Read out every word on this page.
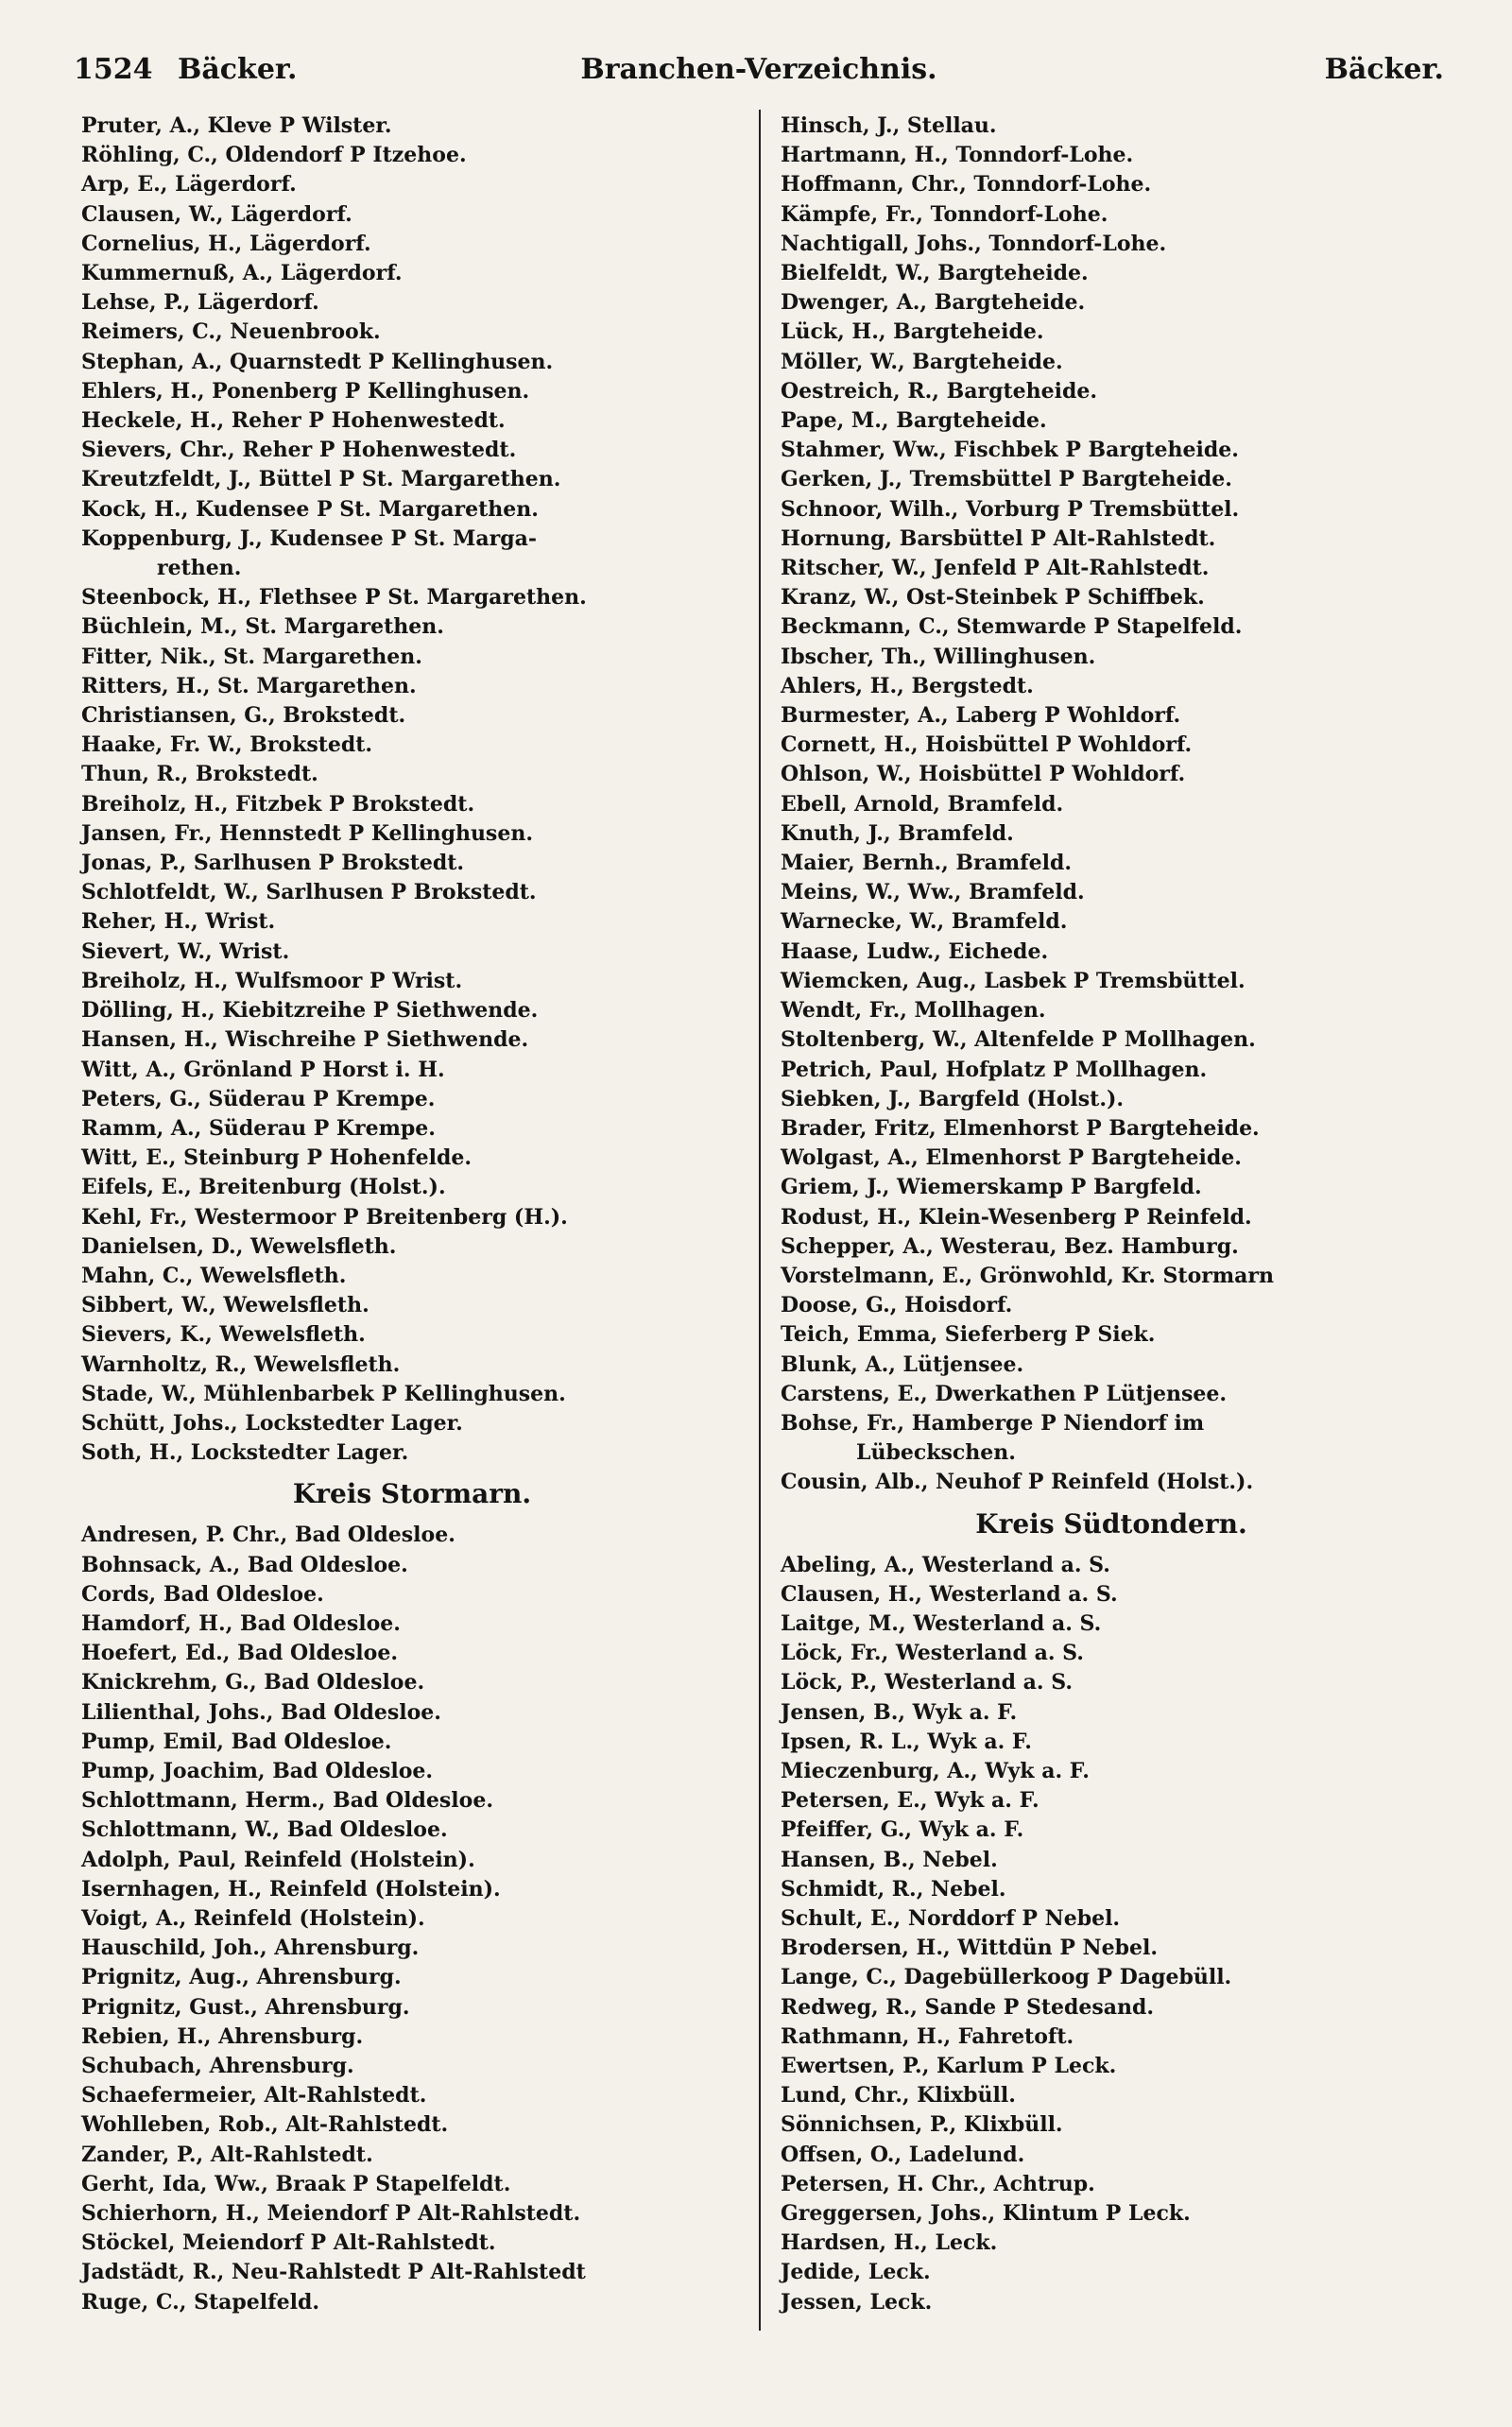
1524 Bäcker.	Branchen-Verzeichnis.	Bäcker.
Pruter, A., Kleve P Wilster.
Röhling, C., Oldendorf P Itzehoe.
Arp, E., Lägerdorf.
Clausen, W., Lägerdorf.
Cornelius, H., Lägerdorf.
Kummernuß, A., Lägerdorf.
Lehse, P., Lägerdorf.
Reimers, C., Neuenbrook.
Stephan, A., Quarnstedt P Kellinghusen.
Ehlers, H., Ponenberg P Kellinghusen.
Heckele, H., Reher P Hohenwestedt.
Sievers, Chr., Reher P Hohenwestedt.
Kreutzfeldt, J., Büttel P St. Margarethen.
Kock, H., Kudensee P St. Margarethen.
Koppenburg, J., Kudensee P St. Marga-
rethen.
Steenbock, H., Flethsee P St. Margarethen.
Büchlein, M., St. Margarethen.
Fitter, Nik., St. Margarethen.
Ritters, H., St. Margarethen.
Christiansen, G., Brokstedt.
Haake, Fr. W., Brokstedt.
Thun, R., Brokstedt.
Breiholz, H., Fitzbek P Brokstedt.
Jansen, Fr., Hennstedt P Kellinghusen.
Jonas, P., Sarlhusen P Brokstedt.
Schlotfeldt, W., Sarlhusen P Brokstedt.
Reher, H., Wrist.
Sievert, W., Wrist.
Breiholz, H., Wulfsmoor P Wrist.
Dölling, H., Kiebitzreihe P Siethwende.
Hansen, H., Wischreihe P Siethwende.
Witt, A., Grönland P Horst i. H.
Peters, G., Süderau P Krempe.
Ramm, A., Süderau P Krempe.
Witt, E., Steinburg P Hohenfelde.
Eifels, E., Breitenburg (Holst.).
Kehl, Fr., Westermoor P Breitenberg (H.).
Danielsen, D., Wewelsfleth.
Mahn, C., Wewelsfleth.
Sibbert, W., Wewelsfleth.
Sievers, K., Wewelsfleth.
Warnholtz, R., Wewelsfleth.
Stade, W., Mühlenbarbek P Kellinghusen.
Schütt, Johs., Lockstedter Lager.
Soth, H., Lockstedter Lager.
Kreis Stormarn.
Andresen, P. Chr., Bad Oldesloe.
Bohnsack, A., Bad Oldesloe.
Cords, Bad Oldesloe.
Hamdorf, H., Bad Oldesloe.
Hoefert, Ed., Bad Oldesloe.
Knickrehm, G., Bad Oldesloe.
Lilienthal, Johs., Bad Oldesloe.
Pump, Emil, Bad Oldesloe.
Pump, Joachim, Bad Oldesloe.
Schlottmann, Herm., Bad Oldesloe.
Schlottmann, W., Bad Oldesloe.
Adolph, Paul, Reinfeld (Holstein).
Isernhagen, H., Reinfeld (Holstein).
Voigt, A., Reinfeld (Holstein).
Hauschild, Joh., Ahrensburg.
Prignitz, Aug., Ahrensburg.
Prignitz, Gust., Ahrensburg.
Rebien, H., Ahrensburg.
Schubach, Ahrensburg.
Schaefermeier, Alt-Rahlstedt.
Wohlleben, Rob., Alt-Rahlstedt.
Zander, P., Alt-Rahlstedt.
Gerht, Ida, Ww., Braak P Stapelfeldt.
Schierhorn, H., Meiendorf P Alt-Rahlstedt.
Stöckel, Meiendorf P Alt-Rahlstedt.
Jadstädt, R., Neu-Rahlstedt P Alt-Rahlstedt
Ruge, C., Stapelfeld.
Hinsch, J., Stellau.
Hartmann, H., Tonndorf-Lohe.
Hoffmann, Chr., Tonndorf-Lohe.
Kämpfe, Fr., Tonndorf-Lohe.
Nachtigall, Johs., Tonndorf-Lohe.
Bielfeldt, W., Bargteheide.
Dwenger, A., Bargteheide.
Lück, H., Bargteheide.
Möller, W., Bargteheide.
Oestreich, R., Bargteheide.
Pape, M., Bargteheide.
Stahmer, Ww., Fischbek P Bargteheide.
Gerken, J., Tremsbüttel P Bargteheide.
Schnoor, Wilh., Vorburg P Tremsbüttel.
Hornung, Barsbüttel P Alt-Rahlstedt.
Ritscher, W., Jenfeld P Alt-Rahlstedt.
Kranz, W., Ost-Steinbek P Schiffbek.
Beckmann, C., Stemwarde P Stapelfeld.
Ibscher, Th., Willinghusen.
Ahlers, H., Bergstedt.
Burmester, A., Laberg P Wohldorf.
Cornett, H., Hoisbüttel P Wohldorf.
Ohlson, W., Hoisbüttel P Wohldorf.
Ebell, Arnold, Bramfeld.
Knuth, J., Bramfeld.
Maier, Bernh., Bramfeld.
Meins, W., Ww., Bramfeld.
Warnecke, W., Bramfeld.
Haase, Ludw., Eichede.
Wiemcken, Aug., Lasbek P Tremsbüttel.
Wendt, Fr., Mollhagen.
Stoltenberg, W., Altenfelde P Mollhagen.
Petrich, Paul, Hofplatz P Mollhagen.
Siebken, J., Bargfeld (Holst.).
Brader, Fritz, Elmenhorst P Bargteheide.
Wolgast, A., Elmenhorst P Bargteheide.
Griem, J., Wiemerskamp P Bargfeld.
Rodust, H., Klein-Wesenberg P Reinfeld.
Schepper, A., Westerau, Bez. Hamburg.
Vorstelmann, E., Grönwohld, Kr. Stormarn
Doose, G., Hoisdorf.
Teich, Emma, Sieferberg P Siek.
Blunk, A., Lütjensee.
Carstens, E., Dwerkathen P Lütjensee.
Bohse, Fr., Hamberge P Niendorf im
Lübeckschen.
Cousin, Alb., Neuhof P Reinfeld (Holst.).
Kreis Südtondern.
Abeling, A., Westerland a. S.
Clausen, H., Westerland a. S.
Laitge, M., Westerland a. S.
Löck, Fr., Westerland a. S.
Löck, P., Westerland a. S.
Jensen, B., Wyk a. F.
Ipsen, R. L., Wyk a. F.
Mieczenburg, A., Wyk a. F.
Petersen, E., Wyk a. F.
Pfeiffer, G., Wyk a. F.
Hansen, B., Nebel.
Schmidt, R., Nebel.
Schult, E., Norddorf P Nebel.
Brodersen, H., Wittdün P Nebel.
Lange, C., Dagebüllerkoog P Dagebüll.
Redweg, R., Sande P Stedesand.
Rathmann, H., Fahretoft.
Ewertsen, P., Karlum P Leck.
Lund, Chr., Klixbüll.
Sönnichsen, P., Klixbüll.
Offsen, O., Ladelund.
Petersen, H. Chr., Achtrup.
Greggersen, Johs., Klintum P Leck.
Hardsen, H., Leck.
Jedide, Leck.
Jessen, Leck.
